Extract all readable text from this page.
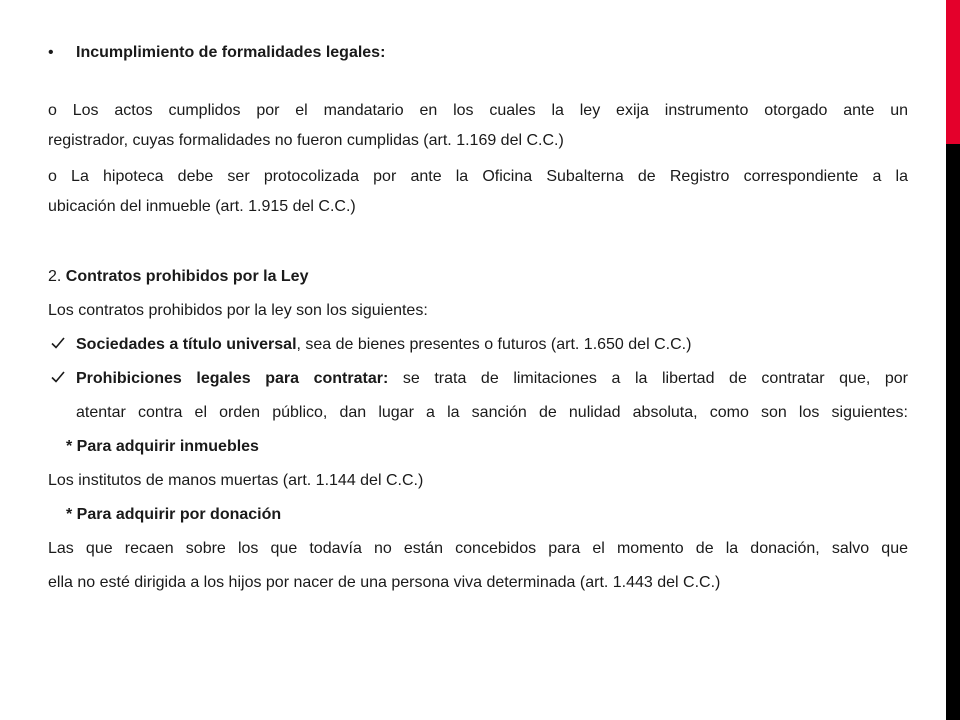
• Incumplimiento de formalidades legales:
o Los actos cumplidos por el mandatario en los cuales la ley exija instrumento otorgado ante un
registrador, cuyas formalidades no fueron cumplidas (art. 1.169 del C.C.)
o La hipoteca debe ser protocolizada por ante la Oficina Subalterna de Registro correspondiente a la
ubicación del inmueble (art. 1.915 del C.C.)
2. Contratos prohibidos por la Ley
Los contratos prohibidos por la ley son los siguientes:
Sociedades a título universal, sea de bienes presentes o futuros (art. 1.650 del C.C.)
Prohibiciones legales para contratar: se trata de limitaciones a la libertad de contratar que, por
atentar contra el orden público, dan lugar a la sanción de nulidad absoluta, como son los siguientes:
* Para adquirir inmuebles
Los institutos de manos muertas (art. 1.144 del C.C.)
* Para adquirir por donación
Las que recaen sobre los que todavía no están concebidos para el momento de la donación, salvo que
ella no esté dirigida a los hijos por nacer de una persona viva determinada (art. 1.443 del C.C.)
